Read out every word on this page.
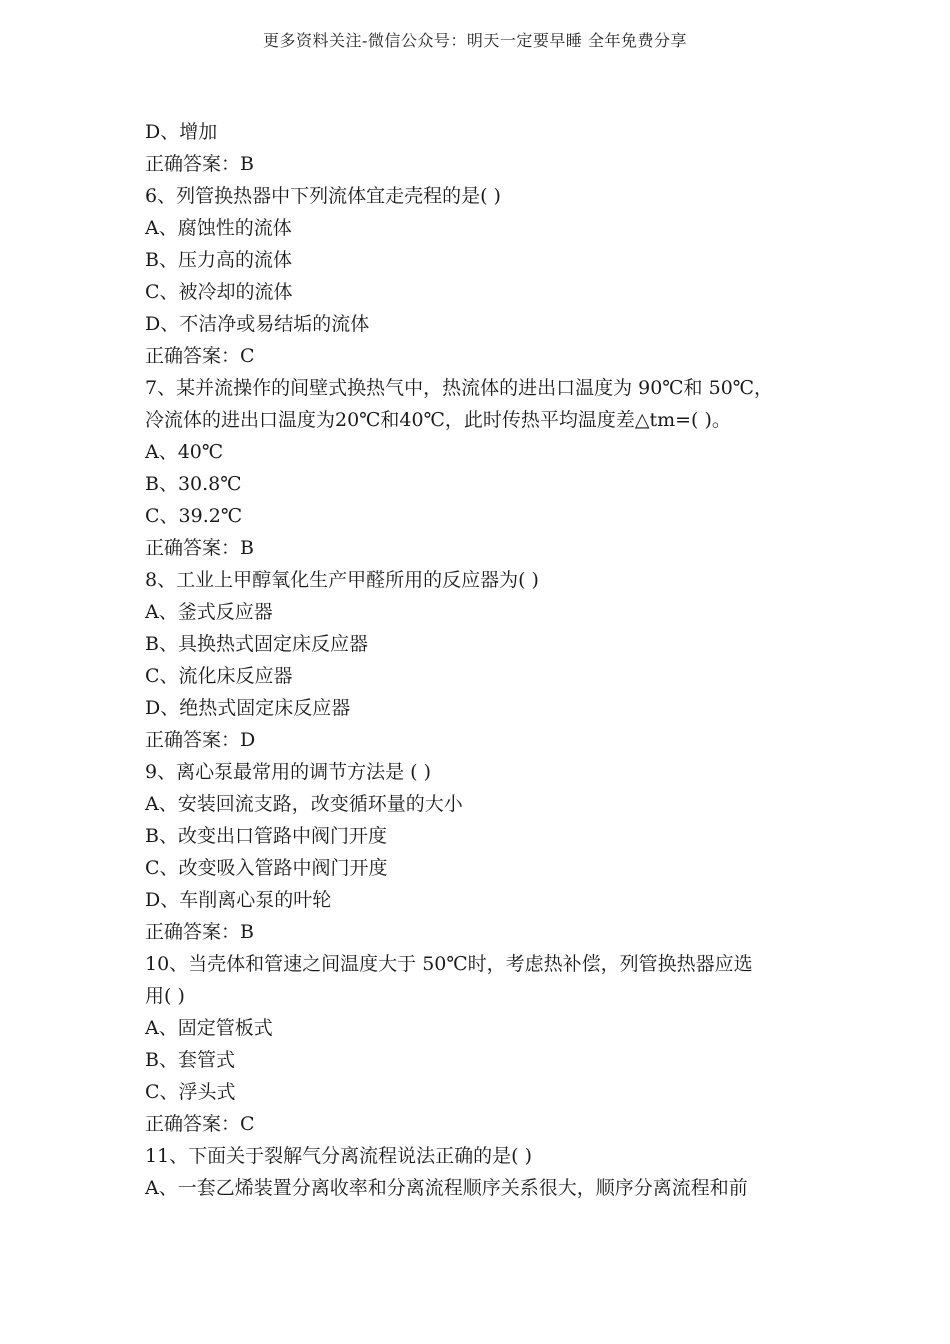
更多资料关注-微信公众号：明天一定要早睡 全年免费分享
D、增加
正确答案：B
6、列管换热器中下列流体宜走壳程的是( )
A、腐蚀性的流体
B、压力高的流体
C、被冷却的流体
D、不洁净或易结垢的流体
正确答案：C
7、某并流操作的间壁式换热气中，热流体的进出口温度为 90℃和 50℃，
冷流体的进出口温度为20℃和40℃，此时传热平均温度差△tm=( )。
A、40℃
B、30.8℃
C、39.2℃
正确答案：B
8、工业上甲醇氧化生产甲醛所用的反应器为( )
A、釜式反应器
B、具换热式固定床反应器
C、流化床反应器
D、绝热式固定床反应器
正确答案：D
9、离心泵最常用的调节方法是 ( )
A、安装回流支路，改变循环量的大小
B、改变出口管路中阀门开度
C、改变吸入管路中阀门开度
D、车削离心泵的叶轮
正确答案：B
10、当壳体和管速之间温度大于 50℃时，考虑热补偿，列管换热器应选
用( )
A、固定管板式
B、套管式
C、浮头式
正确答案：C
11、下面关于裂解气分离流程说法正确的是( )
A、一套乙烯装置分离收率和分离流程顺序关系很大，顺序分离流程和前
